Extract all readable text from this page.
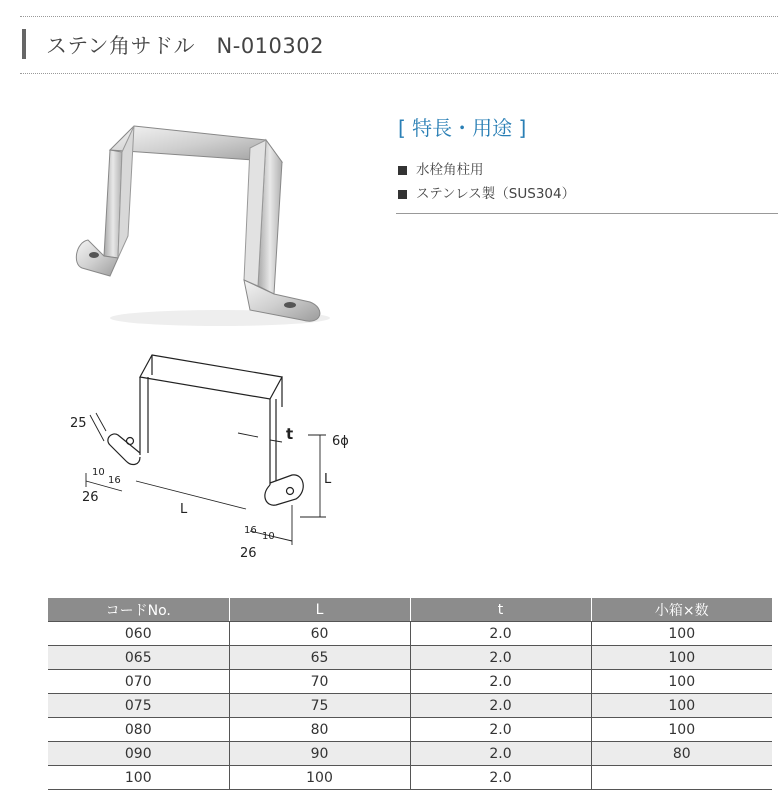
ステン角サドル　N-010302
25
t	6ϕ
L
10
16
26
L
16
10
26
[ 特長・用途 ]
水栓角柱用
ステンレス製（SUS304）
コードNo.	L	t	小箱×数
060	60	2.0	100
065	65	2.0	100
070	70	2.0	100
075	75	2.0	100
080	80	2.0	100
090	90	2.0	80
100	100	2.0	
